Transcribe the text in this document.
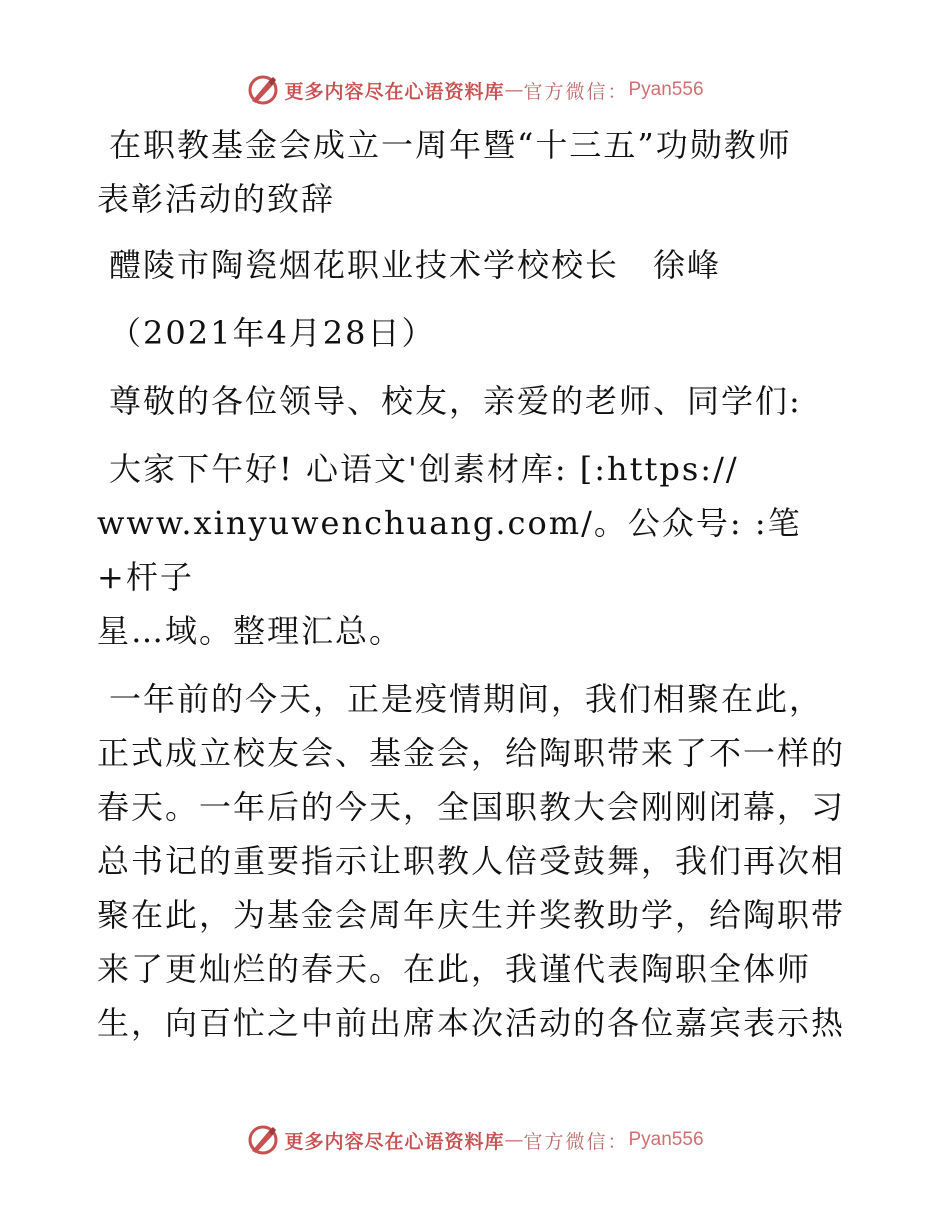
更多内容尽在心语资料库 — 官方微信： Pyan556

在职教基金会成立一周年暨“十三五”功勋教师

表彰活动的致辞

醴陵市陶瓷烟花职业技术学校校长　徐峰

（2021年4月28日）

尊敬的各位领导、校友，亲爱的老师、同学们:

大家下午好! 心语文'创素材库: [:https://

www.xinyuwenchuang.com/。公众号: :笔+杆子

星…域。整理汇总。

一年前的今天，正是疫情期间，我们相聚在此，

正式成立校友会、基金会，给陶职带来了不一样的

春天。一年后的今天，全国职教大会刚刚闭幕，习

总书记的重要指示让职教人倍受鼓舞，我们再次相

聚在此，为基金会周年庆生并奖教助学，给陶职带

来了更灿烂的春天。在此，我谨代表陶职全体师

生，向百忙之中前出席本次活动的各位嘉宾表示热

更多内容尽在心语资料库 — 官方微信： Pyan556
